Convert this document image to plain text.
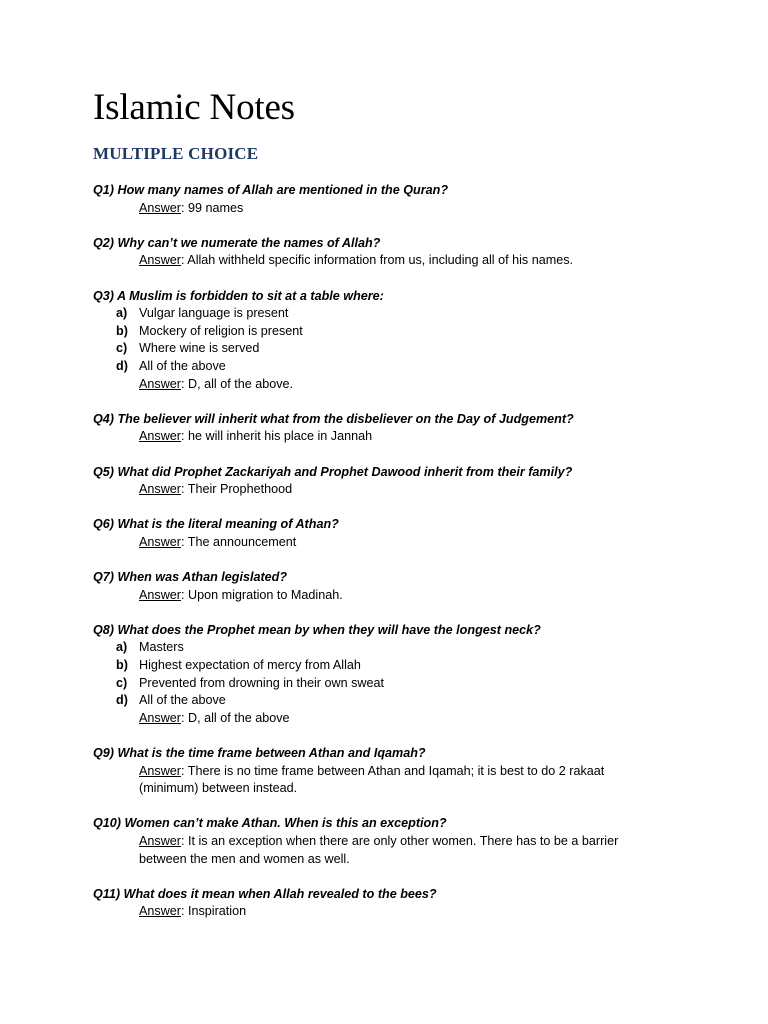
Islamic Notes
MULTIPLE CHOICE
Q1) How many names of Allah are mentioned in the Quran?
Answer: 99 names
Q2) Why can’t we numerate the names of Allah?
Answer: Allah withheld specific information from us, including all of his names.
Q3) A Muslim is forbidden to sit at a table where:
a) Vulgar language is present
b) Mockery of religion is present
c) Where wine is served
d) All of the above
Answer: D, all of the above.
Q4) The believer will inherit what from the disbeliever on the Day of Judgement?
Answer: he will inherit his place in Jannah
Q5) What did Prophet Zackariyah and Prophet Dawood inherit from their family?
Answer: Their Prophethood
Q6) What is the literal meaning of Athan?
Answer: The announcement
Q7) When was Athan legislated?
Answer: Upon migration to Madinah.
Q8) What does the Prophet mean by when they will have the longest neck?
a) Masters
b) Highest expectation of mercy from Allah
c) Prevented from drowning in their own sweat
d) All of the above
Answer: D, all of the above
Q9) What is the time frame between Athan and Iqamah?
Answer: There is no time frame between Athan and Iqamah; it is best to do 2 rakaat
(minimum) between instead.
Q10) Women can’t make Athan. When is this an exception?
Answer: It is an exception when there are only other women. There has to be a barrier
between the men and women as well.
Q11) What does it mean when Allah revealed to the bees?
Answer: Inspiration
